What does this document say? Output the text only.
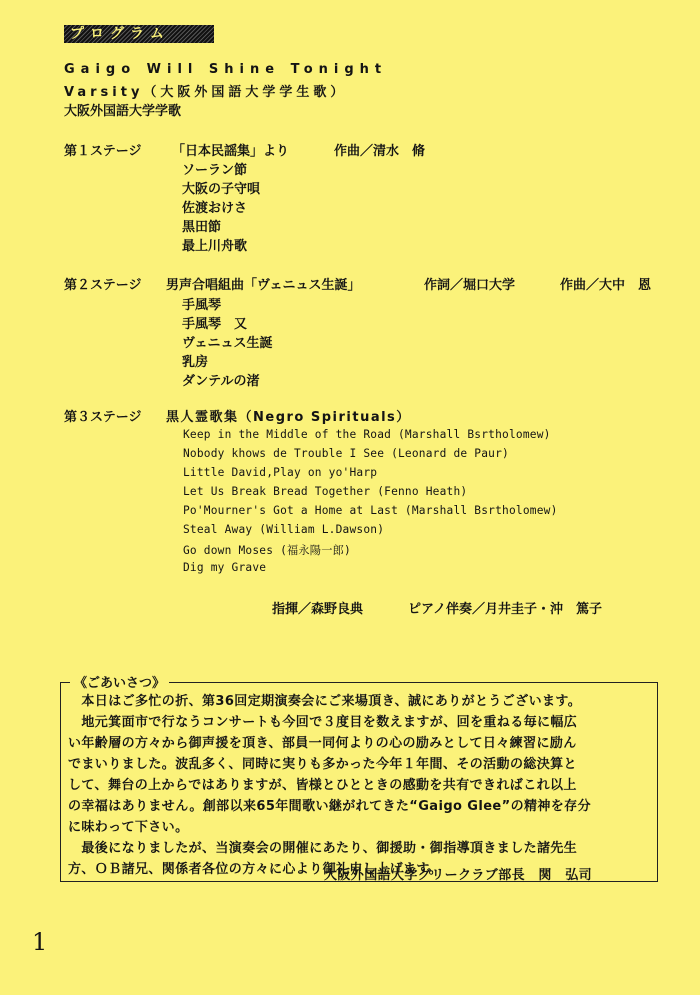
プログラム
Gaigo Will Shine Tonight
Varsity（大阪外国語大学学生歌）
大阪外国語大学学歌
第１ステージ 「日本民謡集」より	作曲／清水　脩
ソーラン節
大阪の子守唄
佐渡おけさ
黒田節
最上川舟歌
第２ステージ 男声合唱組曲「ヴェニュス生誕」	作詞／堀口大学	作曲／大中　恩
手風琴
手風琴　又
ヴェニュス生誕
乳房
ダンテルの渚
第３ステージ 黒人霊歌集（Negro Spirituals）
Keep in the Middle of the Road (Marshall Bsrtholomew)
Nobody khows de Trouble I See (Leonard de Paur)
Little David,Play on yo'Harp
Let Us Break Bread Together (Fenno Heath)
Po'Mourner's Got a Home at Last (Marshall Bsrtholomew)
Steal Away (William L.Dawson)
Go down Moses (福永陽一郎)
Dig my Grave
指揮／森野良典	ピアノ伴奏／月井圭子・沖　篤子
《ごあいさつ》
　本日はご多忙の折、第36回定期演奏会にご来場頂き、誠にありがとうございます。
　地元箕面市で行なうコンサートも今回で３度目を数えますが、回を重ねる毎に幅広
い年齢層の方々から御声援を頂き、部員一同何よりの心の励みとして日々練習に励ん
でまいりました。波乱多く、同時に実りも多かった今年１年間、その活動の総決算と
して、舞台の上からではありますが、皆様とひとときの感動を共有できればこれ以上
の幸福はありません。創部以来65年間歌い継がれてきた“Gaigo Glee”の精神を存分
に味わって下さい。
　最後になりましたが、当演奏会の開催にあたり、御援助・御指導頂きました諸先生
方、ＯＢ諸兄、関係者各位の方々に心より御礼申し上げます。
大阪外国語大学グリークラブ部長　関　弘司
1
